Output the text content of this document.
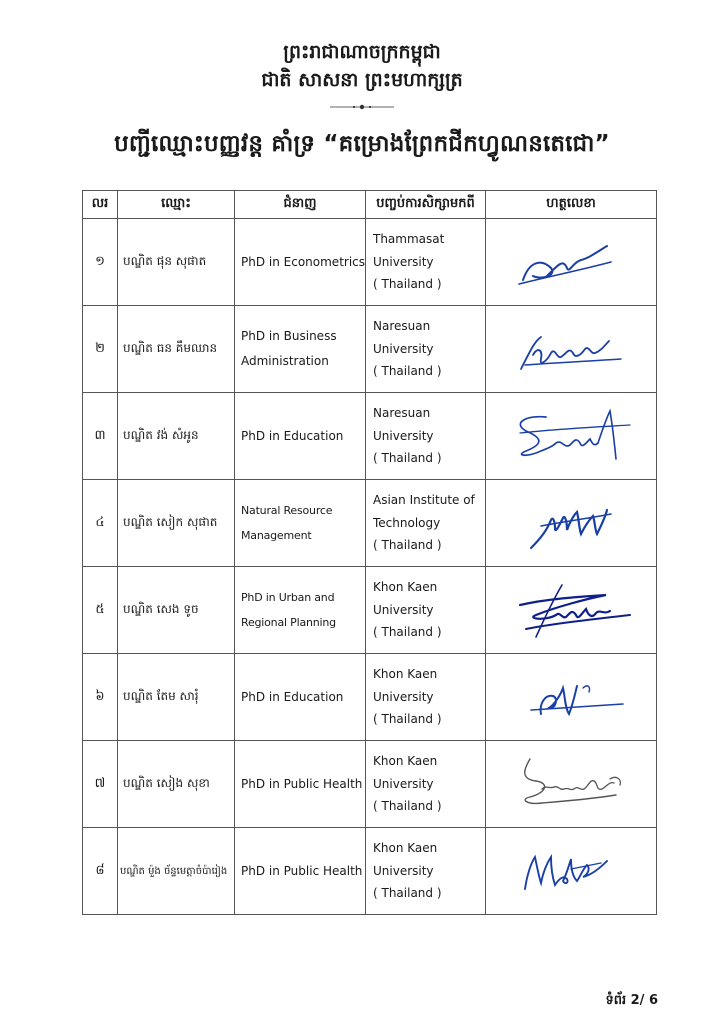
ព្រះរាជាណាចក្រកម្ពុជា
ជាតិ សាសនា ព្រះមហាក្សត្រ
បញ្ជីឈ្មោះបញ្ញវន្ត គាំទ្រ “គម្រោងព្រែកជីកហ្វូណនតេជោ”
លរ	ឈ្មោះ	ជំនាញ	បញ្ចប់ការសិក្សាមកពី	ហត្ថលេខា
១	បណ្ឌិត ផុន សុផាត	PhD in Econometrics	Thammasat
University
( Thailand )

២	បណ្ឌិត ធន គឹមឈាន	PhD in Business
Administration	Naresuan
University
( Thailand )

៣	បណ្ឌិត វង់ សំអូន	PhD in Education	Naresuan
University
( Thailand )

៤	បណ្ឌិត សៀក សុផាត	Natural Resource
Management	Asian Institute of
Technology
( Thailand )

៥	បណ្ឌិត សេង ទូច	PhD in Urban and
Regional Planning	Khon Kaen
University
( Thailand )

៦	បណ្ឌិត តែម សារុំ	PhD in Education	Khon Kaen
University
( Thailand )

៧	បណ្ឌិត សៀង សុខា	PhD in Public Health	Khon Kaen
University
( Thailand )

៨	បណ្ឌិត ម៉ួង ច័ន្ទមេត្តាចំប៉ារៀង	PhD in Public Health	Khon Kaen
University
( Thailand )

ទំព័រ 2/ 6
